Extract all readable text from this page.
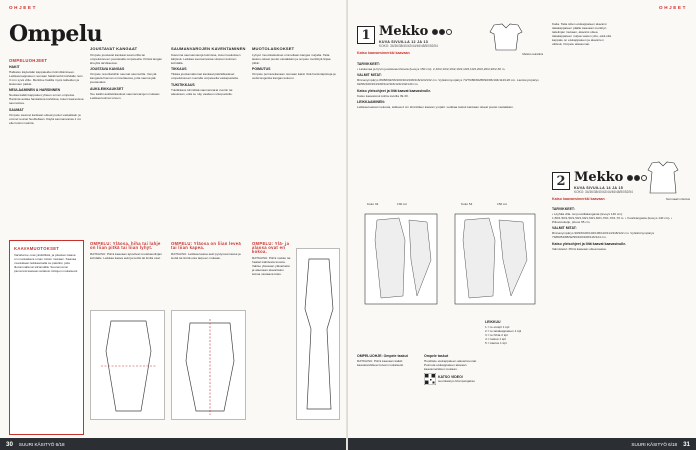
OHJEET
Ompelu
OMPELUOHJEET
HAKIT

Halkaisu käytetään kappaleiden kiinnittämiseen. Leikkaa kappaleen reunaan hakkimerkit kohdalle noin 3 mm syvä viilto. Merkitse hakilla myös taitteiden ja laskosten paikat.

NEULAAMINEN & HARSINNEN

Neulaa kaikki kappaleet yhteen ennen ompelua. Harsinta auttaa hankalissa kohdissa, kuten kaarevissa saumoissa.

SAUMAT

Ompele saumat kankaan oikeat puolet vastakkain ja ommel reunat huolitellaan. Käytä saumanvaraa 1 cm ellei toisin mainita.

JOUSTAVAT KANGAAT

Ompele joustavat kankaat saumurilla tai ompelukoneen joustavalla ompeleella. Kiristä langan kireyttä tarvittaessa.

JOUSTAVA KANGAS

Ompele resoritaloihin saumat saumurilla. Venytä kangasta hieman ommeltaessa, jotta sauma jää joustavaksi.

AUKILEIKKAUKSET

Tee kaikki aukileikkaukset saumanvarojen mukaan. Leikkaa kulmat vinoon.

SAUMANVAROJEN KAVENTAMINEN

Kavenna saumanvaroja kulmissa, kuten kauluksen kärjissä. Leikkaa saumanvaraa viistoon kulmien kohdalla.

TIKKAUS

Tikkaa joustamattomat kankaat pääntiikaukset ompelukoneen suoralla ompeleella vastapuolelta.

TUKITIKKAUS

Tukitikkaus kiinnittää saumanvarat vuoriin tai alavaraan, eikä se näy vaatteen ulkopuolelle.

MUOTOLASKOKSET

Lyhyet muotolaskokset ommellaan kangas nurjalta. Taita laskos oikeat puolet vastakkain ja ompele merkittyä linjaa pitkin.

POIMUTUS

Ompele poimutettavaan reunaan kaksi riviä harsintapistoja ja vedä langoista kangas kokoon.

KAAVAMUOTOKSET

Vartalonne ovat yksilöllisiä, ja jokaisen kaava on muokattava oman mitoin mukaan. Kaavaa muokataan leikkaamalla se paloiksi, joita tilotonmalla tai siirtamällä. Suurenna tai pienennä kaavaa vartalosi mittojen mukaisesti.

OMPELU: Yläosa, hiha tai lahje on liian pitkä tai liian lyhyt.

RATKAISU: Piirrä kaavaan apuviivat muokkauslinjan kohdalle. Leikkaa kaava auki ja levitä tai limitä osat.

OMPELU: Yläosa on liian leveä tai liian kapea.

RATKAISU: Leikkaa kaava auki pystysuunnassa ja levitä tai limitä osia tarpeen mukaan.

OMPELU: Ylä- ja alaosa ovat eri kokoa.

RATKAISU: Piirrä mekko tai haalari kahdesta koosta. Valitse yläosaan ylävartalon ja alaosaan alavartalon kokoa vastaava koko.

30 SUURI KÄSITYÖ 6/18
OHJEET
1 Mekko
KUVA SIVUILLA 12 JA 13
KOKO: 34/36/38/40/42/44/46/48/50/52/54
Katso kaavaesimerkki kaavaan	Mekko tekstinä
TARVIKKEET:

• Laskevaa ja hyvin joustavaa trikoota (leveys 150 cm): 2,10/2,10/2,10/2,10/2,10/2,10/2,20/2,20/2,20/2,30 m.

VALMIT MITAT:

Rinnanympärys 86/88/92/96/100/104/108/116/124/132 cm. Vyötärönympärys 74/76/80/84/88/92/96/104/112/120 cm. Lantionympärys 92/96/100/104/108/112/116/124/132/140 cm.

Katso yleisohjeet ja liitä kaavat kaavasivulle.

Katso kaavasivut kohta sivuilla 39-30.

LEIKKAAMINEN:

Leikkaa kaavat mekosta, leikkaa 2 cm kiinnittäen kaavan ympäri. Leikkaa taskut kankaan oikeat puolet vastakkain.

Koko 34	130 cm	Koko 54	150 cm
LEIKKUU
1 = te etukpl 1 kpl
2 = te takakappaleen 1 kpl
3 = te hihat 2 kpl
4 = taskut 1 kpl
5 = kaulus 1 kpl
OMPELUOHJE: Ompele taskut

RATKAISU: Piirrä kaavaan kaikki kaavatarvikkeet kuvan mukaisesti.

Ompele taskut

Huolittele etukappaleen alavarnreunat. Poimuta etukappaleen alavaan kaavamerkkien mukaan.

KATSO VIDEO!
suurikasityo.fi/ompelujakso

Kaita. Taita sitten etukappaleen alavarsi takakappaleen päälle kaavaan merkityn taitelinjan mukaan, alavarsi oikea takakappaleen nurjaa vasten ylös, eikä sitä kappale on etukappaleen ja alavarren välissä. Ompele alasaumat.

2 Mekko
KUVA SIVUILLA 14 JA 15
KOKO: 34/36/38/40/42/44/46/48/50/52/54
Katso kaavaesimerkki kaavaan	Normaali mitoitus
TARVIKKEET:

• Löyhää villa- tai puuvillakangasta (leveys 140 cm): 1,50/1,50/1,50/1,50/1,60/1,60/1,60/1,70/1,70/1,70 m. • Vuorikangasta (leveys 140 cm). • Piilovetoketju, pituus 55 cm.

VALMIT MITAT:

Rinnanympärys 90/93/100/104/106/110/114/118/122 cm. Vyötärönympärys 79/80/84/88/92/96/100/108/116/124 cm.

Katso yleisohjeet ja liitä kaavat kaavasivulle.

Valmistelut: Piirrä kaavaan oikea kaava.

SUURI KÄSITYÖ 6/18 31
